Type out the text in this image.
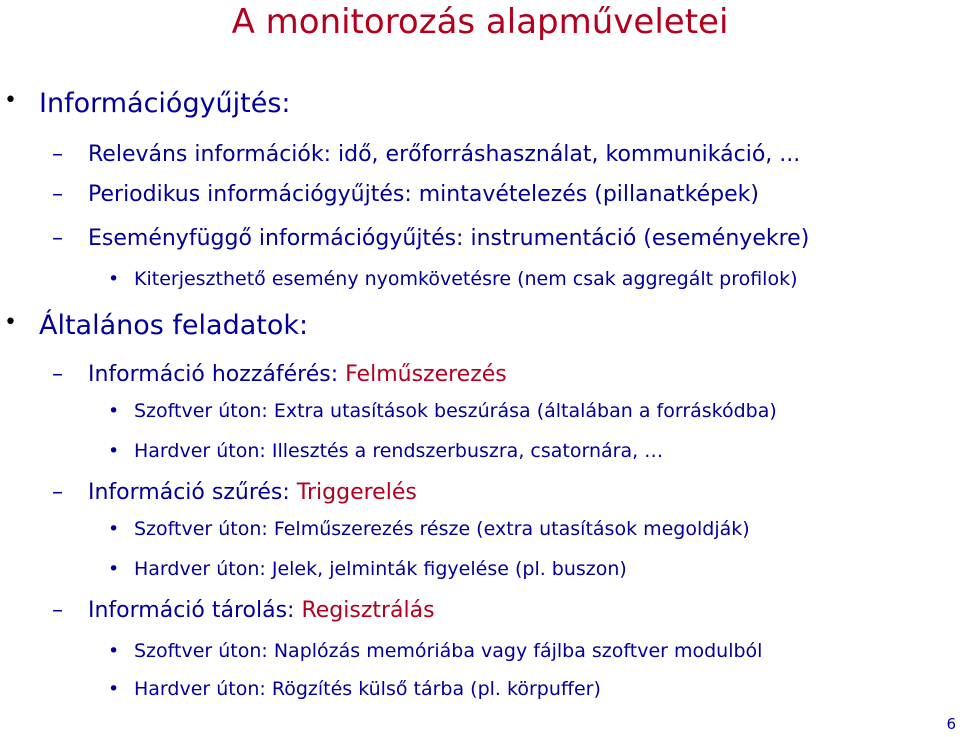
A monitorozás alapműveletei
• Információgyűjtés:
– Releváns információk: idő, erőforráshasználat, kommunikáció, ...
– Periodikus információgyűjtés: mintavételezés (pillanatképek)
– Eseményfüggő információgyűjtés: instrumentáció (eseményekre)
• Kiterjeszthető esemény nyomkövetésre (nem csak aggregált profilok)
• Általános feladatok:
– Információ hozzáférés: Felműszerezés
• Szoftver úton: Extra utasítások beszúrása (általában a forráskódba)
• Hardver úton: Illesztés a rendszerbuszra, csatornára, …
– Információ szűrés: Triggerelés
• Szoftver úton: Felműszerezés része (extra utasítások megoldják)
• Hardver úton: Jelek, jelminták figyelése (pl. buszon)
– Információ tárolás: Regisztrálás
• Szoftver úton: Naplózás memóriába vagy fájlba szoftver modulból
• Hardver úton: Rögzítés külső tárba (pl. körpuffer)
6
